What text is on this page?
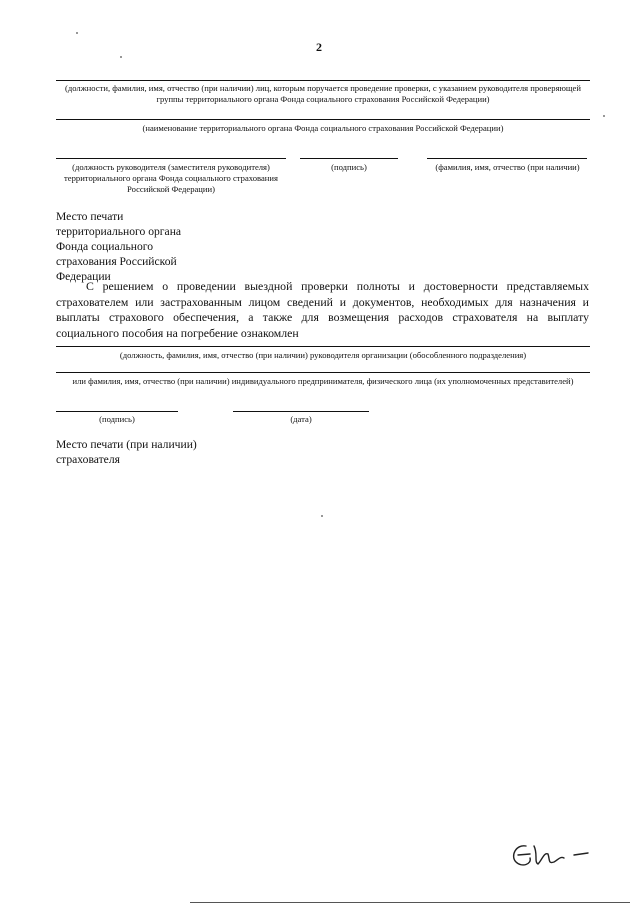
2
(должности, фамилия, имя, отчество (при наличии) лиц, которым поручается проведение проверки, с указанием руководителя проверяющей группы территориального органа Фонда социального страхования Российской Федерации)
(наименование территориального органа Фонда социального страхования Российской Федерации)
(должность руководителя (заместителя руководителя) территориального органа Фонда социального страхования Российской Федерации)
(подпись)	(фамилия, имя, отчество (при наличии)
Место печати территориального органа Фонда социального страхования Российской Федерации
С решением о проведении выездной проверки полноты и достоверности представляемых страхователем или застрахованным лицом сведений и документов, необходимых для назначения и выплаты страхового обеспечения, а также для возмещения расходов страхователя на выплату социального пособия на погребение ознакомлен
(должность, фамилия, имя, отчество (при наличии) руководителя организации (обособленного подразделения)
или фамилия, имя, отчество (при наличии) индивидуального предпринимателя, физического лица (их уполномоченных представителей)
(подпись)	(дата)
Место печати (при наличии) страхователя
